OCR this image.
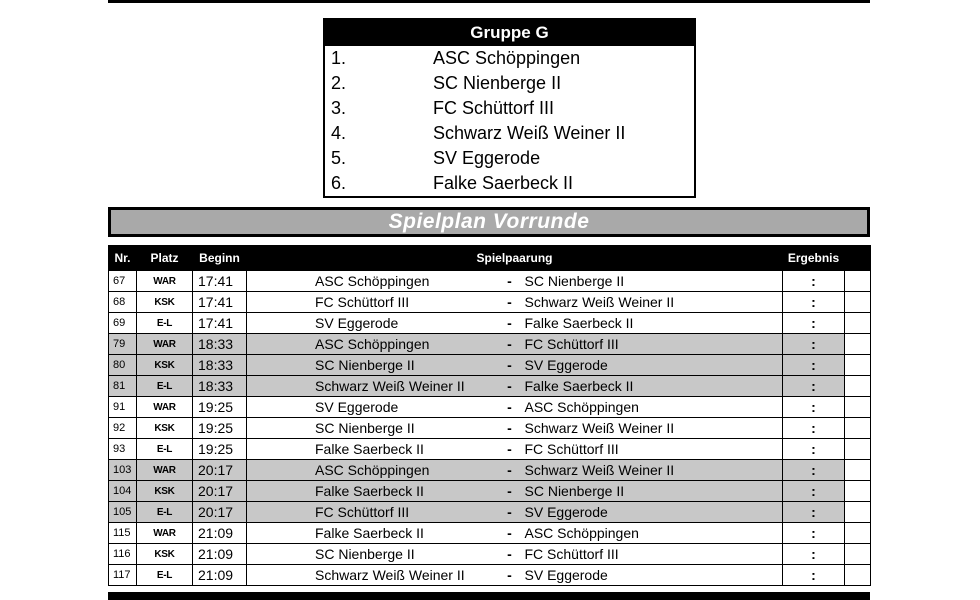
Gruppe G
1.	ASC Schöppingen
2.	SC Nienberge II
3.	FC Schüttorf III
4.	Schwarz Weiß Weiner II
5.	SV Eggerode
6.	Falke Saerbeck II
Spielplan Vorrunde
Nr.	Platz	Beginn	Spielpaarung			Ergebnis	
67	WAR	17:41	ASC Schöppingen	-	SC Nienberge II	:	
68	KSK	17:41	FC Schüttorf III	-	Schwarz Weiß Weiner II	:	
69	E-L	17:41	SV Eggerode	-	Falke Saerbeck II	:	
79	WAR	18:33	ASC Schöppingen	-	FC Schüttorf III	:	
80	KSK	18:33	SC Nienberge II	-	SV Eggerode	:	
81	E-L	18:33	Schwarz Weiß Weiner II	-	Falke Saerbeck II	:	
91	WAR	19:25	SV Eggerode	-	ASC Schöppingen	:	
92	KSK	19:25	SC Nienberge II	-	Schwarz Weiß Weiner II	:	
93	E-L	19:25	Falke Saerbeck II	-	FC Schüttorf III	:	
103	WAR	20:17	ASC Schöppingen	-	Schwarz Weiß Weiner II	:	
104	KSK	20:17	Falke Saerbeck II	-	SC Nienberge II	:	
105	E-L	20:17	FC Schüttorf III	-	SV Eggerode	:	
115	WAR	21:09	Falke Saerbeck II	-	ASC Schöppingen	:	
116	KSK	21:09	SC Nienberge II	-	FC Schüttorf III	:	
117	E-L	21:09	Schwarz Weiß Weiner II	-	SV Eggerode	:	
